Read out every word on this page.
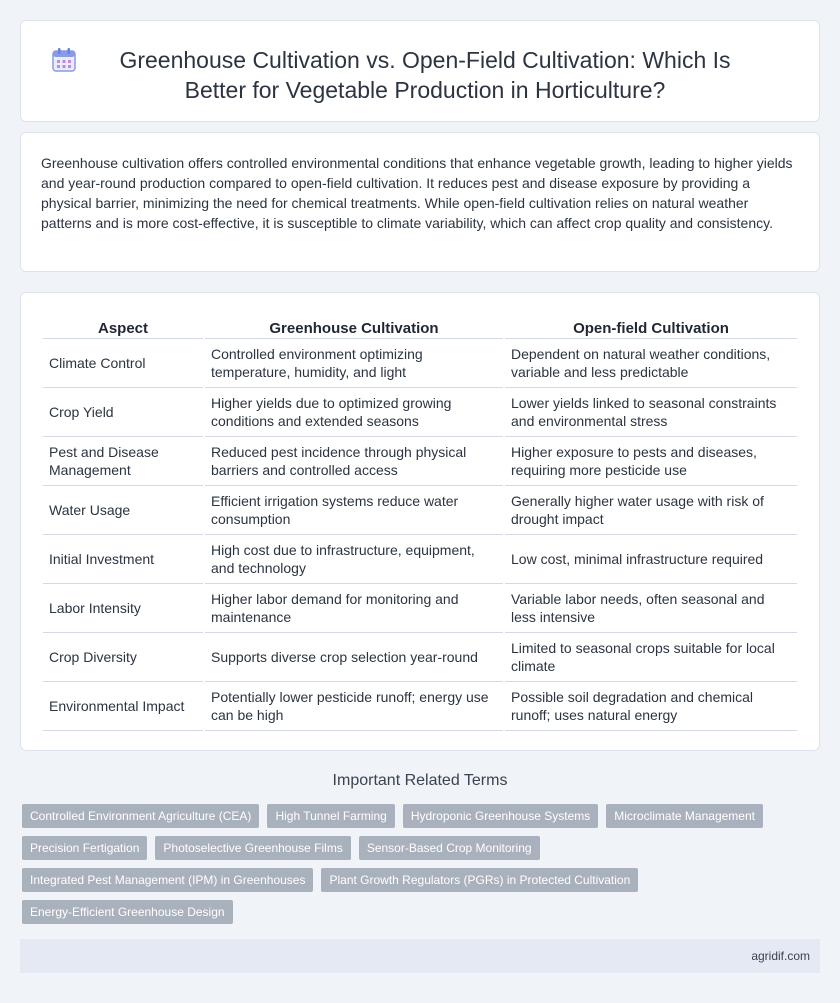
Greenhouse Cultivation vs. Open-Field Cultivation: Which Is Better for Vegetable Production in Horticulture?

Greenhouse cultivation offers controlled environmental conditions that enhance vegetable growth, leading to higher yields and year-round production compared to open-field cultivation. It reduces pest and disease exposure by providing a physical barrier, minimizing the need for chemical treatments. While open-field cultivation relies on natural weather patterns and is more cost-effective, it is susceptible to climate variability, which can affect crop quality and consistency.

Aspect	Greenhouse Cultivation	Open-field Cultivation
Climate Control	Controlled environment optimizing temperature, humidity, and light	Dependent on natural weather conditions, variable and less predictable
Crop Yield	Higher yields due to optimized growing conditions and extended seasons	Lower yields linked to seasonal constraints and environmental stress
Pest and Disease Management	Reduced pest incidence through physical barriers and controlled access	Higher exposure to pests and diseases, requiring more pesticide use
Water Usage	Efficient irrigation systems reduce water consumption	Generally higher water usage with risk of drought impact
Initial Investment	High cost due to infrastructure, equipment, and technology	Low cost, minimal infrastructure required
Labor Intensity	Higher labor demand for monitoring and maintenance	Variable labor needs, often seasonal and less intensive
Crop Diversity	Supports diverse crop selection year-round	Limited to seasonal crops suitable for local climate
Environmental Impact	Potentially lower pesticide runoff; energy use can be high	Possible soil degradation and chemical runoff; uses natural energy
Important Related Terms
Controlled Environment Agriculture (CEA)	High Tunnel Farming	Hydroponic Greenhouse Systems	Microclimate Management
Precision Fertigation	Photoselective Greenhouse Films	Sensor-Based Crop Monitoring
Integrated Pest Management (IPM) in Greenhouses	Plant Growth Regulators (PGRs) in Protected Cultivation
Energy-Efficient Greenhouse Design
agridif.com
